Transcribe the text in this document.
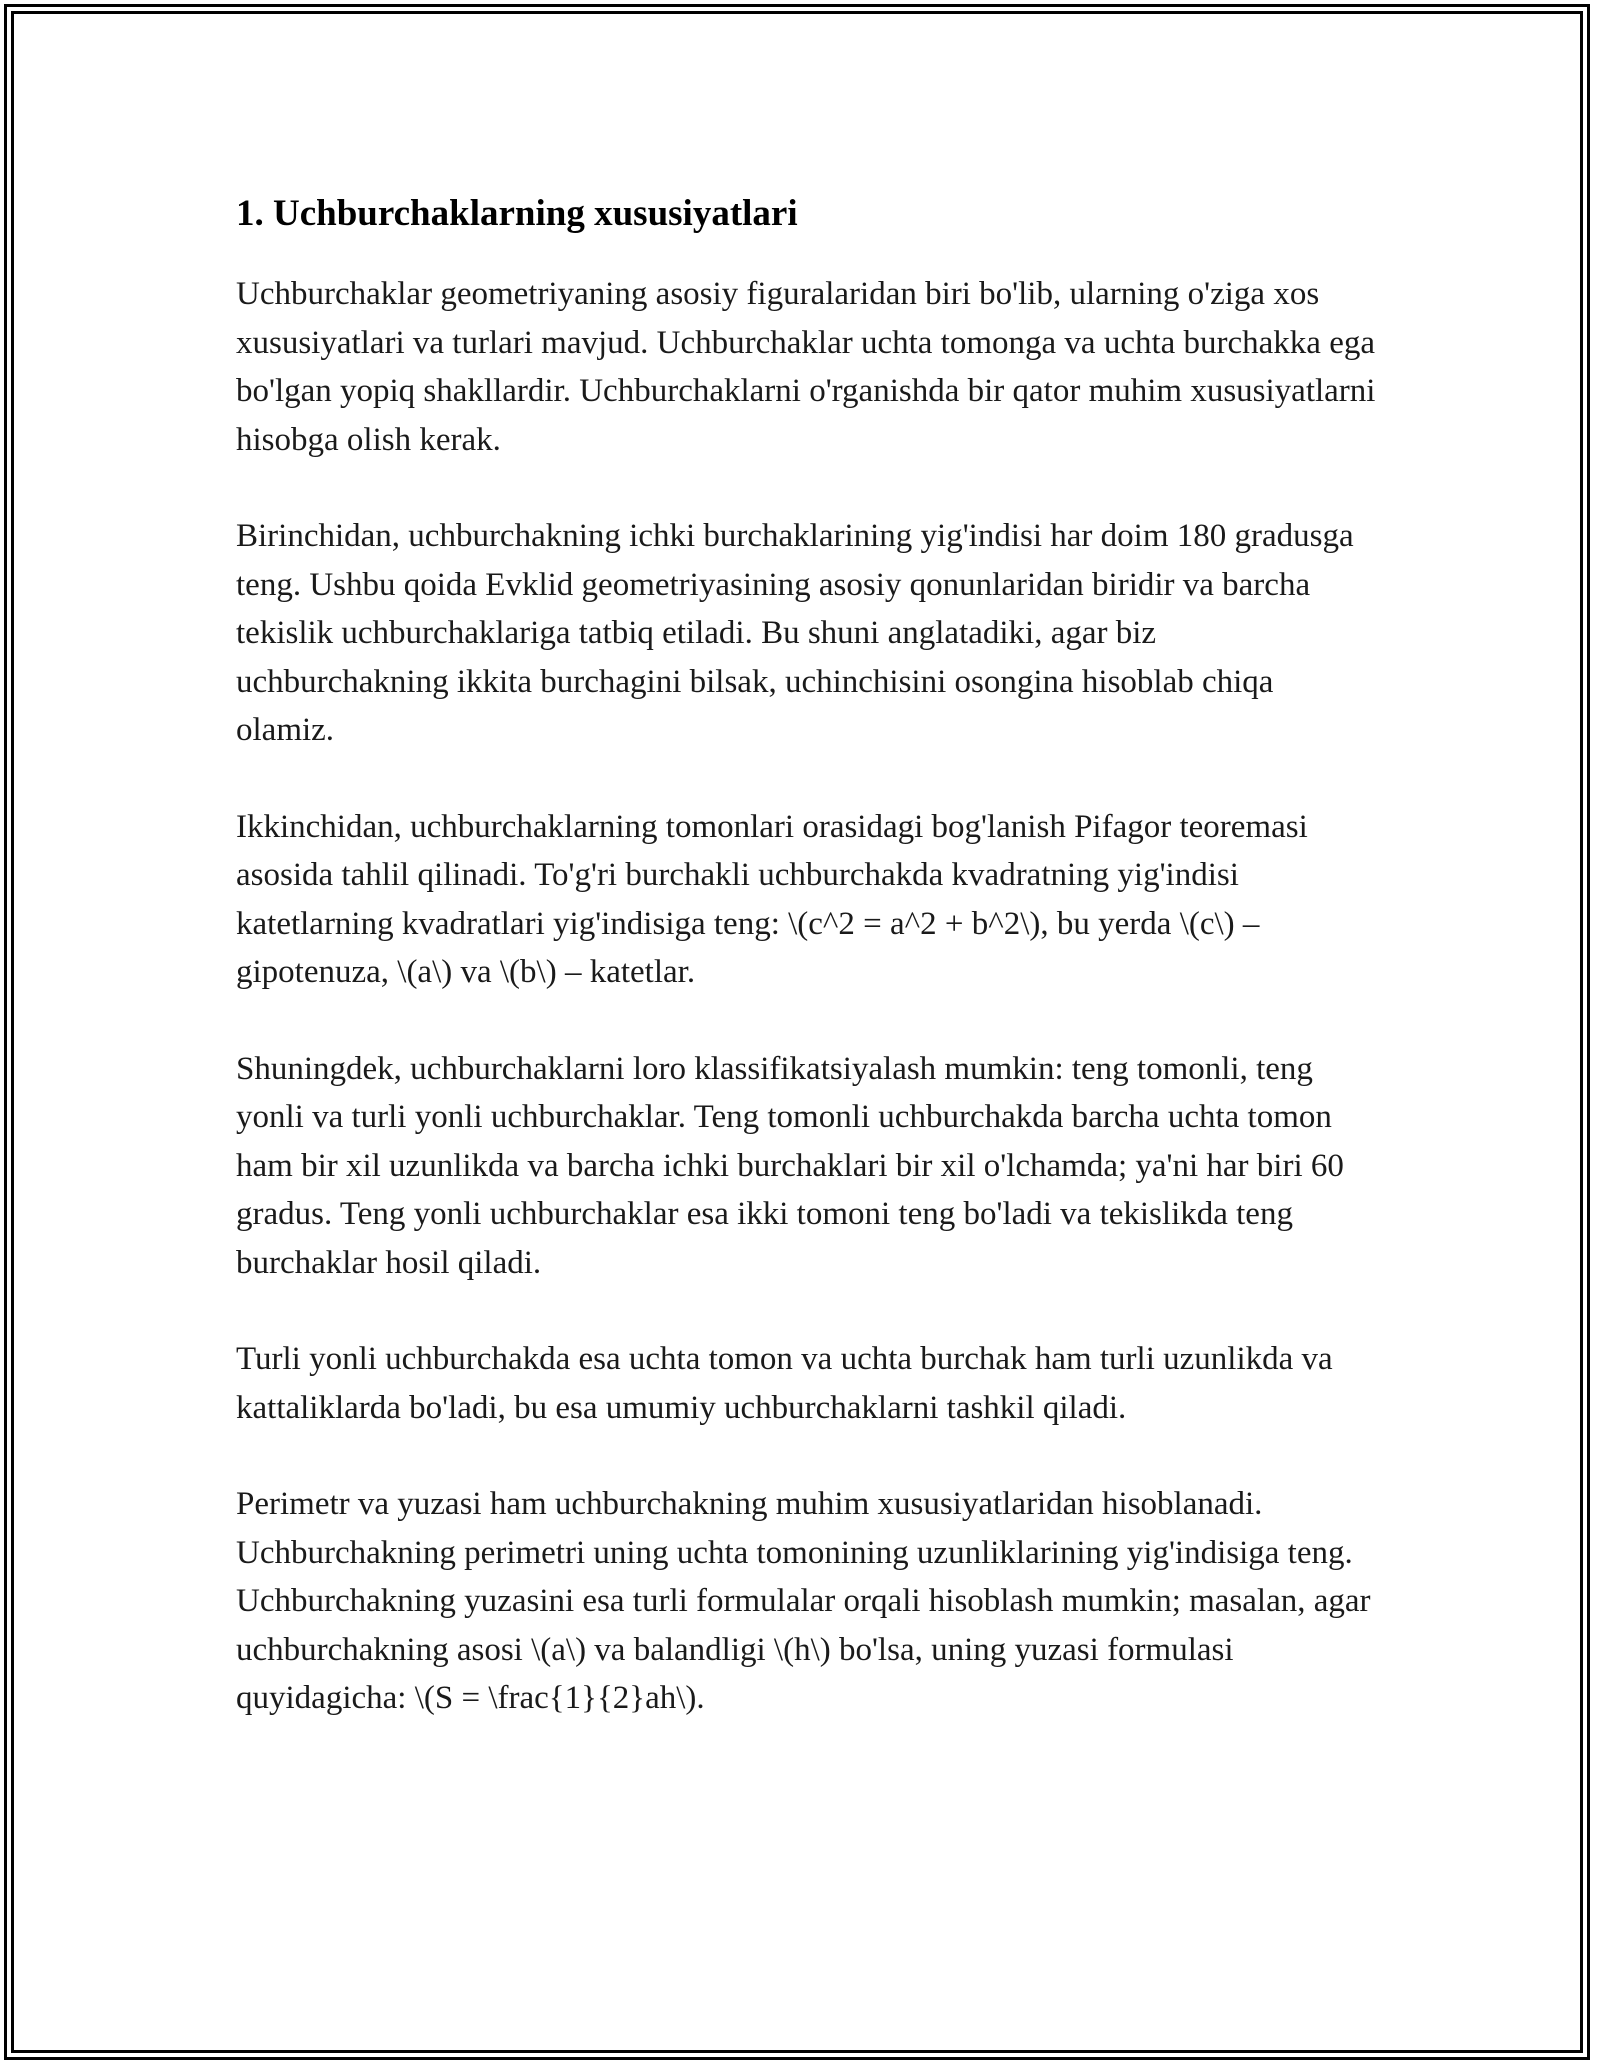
1. Uchburchaklarning xususiyatlari

Uchburchaklar geometriyaning asosiy figuralaridan biri bo'lib, ularning o'ziga xos xususiyatlari va turlari mavjud. Uchburchaklar uchta tomonga va uchta burchakka ega bo'lgan yopiq shakllardir. Uchburchaklarni o'rganishda bir qator muhim xususiyatlarni hisobga olish kerak.

Birinchidan, uchburchakning ichki burchaklarining yig'indisi har doim 180 gradusga teng. Ushbu qoida Evklid geometriyasining asosiy qonunlaridan biridir va barcha tekislik uchburchaklariga tatbiq etiladi. Bu shuni anglatadiki, agar biz uchburchakning ikkita burchagini bilsak, uchinchisini osongina hisoblab chiqa olamiz.

Ikkinchidan, uchburchaklarning tomonlari orasidagi bog'lanish Pifagor teoremasi asosida tahlil qilinadi. To'g'ri burchakli uchburchakda kvadratning yig'indisi katetlarning kvadratlari yig'indisiga teng: \(c^2 = a^2 + b^2\), bu yerda \(c\) – gipotenuza, \(a\) va \(b\) – katetlar.

Shuningdek, uchburchaklarni loro klassifikatsiyalash mumkin: teng tomonli, teng yonli va turli yonli uchburchaklar. Teng tomonli uchburchakda barcha uchta tomon ham bir xil uzunlikda va barcha ichki burchaklari bir xil o'lchamda; ya'ni har biri 60 gradus. Teng yonli uchburchaklar esa ikki tomoni teng bo'ladi va tekislikda teng burchaklar hosil qiladi.

Turli yonli uchburchakda esa uchta tomon va uchta burchak ham turli uzunlikda va kattaliklarda bo'ladi, bu esa umumiy uchburchaklarni tashkil qiladi.

Perimetr va yuzasi ham uchburchakning muhim xususiyatlaridan hisoblanadi. Uchburchakning perimetri uning uchta tomonining uzunliklarining yig'indisiga teng. Uchburchakning yuzasini esa turli formulalar orqali hisoblash mumkin; masalan, agar uchburchakning asosi \(a\) va balandligi \(h\) bo'lsa, uning yuzasi formulasi quyidagicha: \(S = \frac{1}{2}ah\).
